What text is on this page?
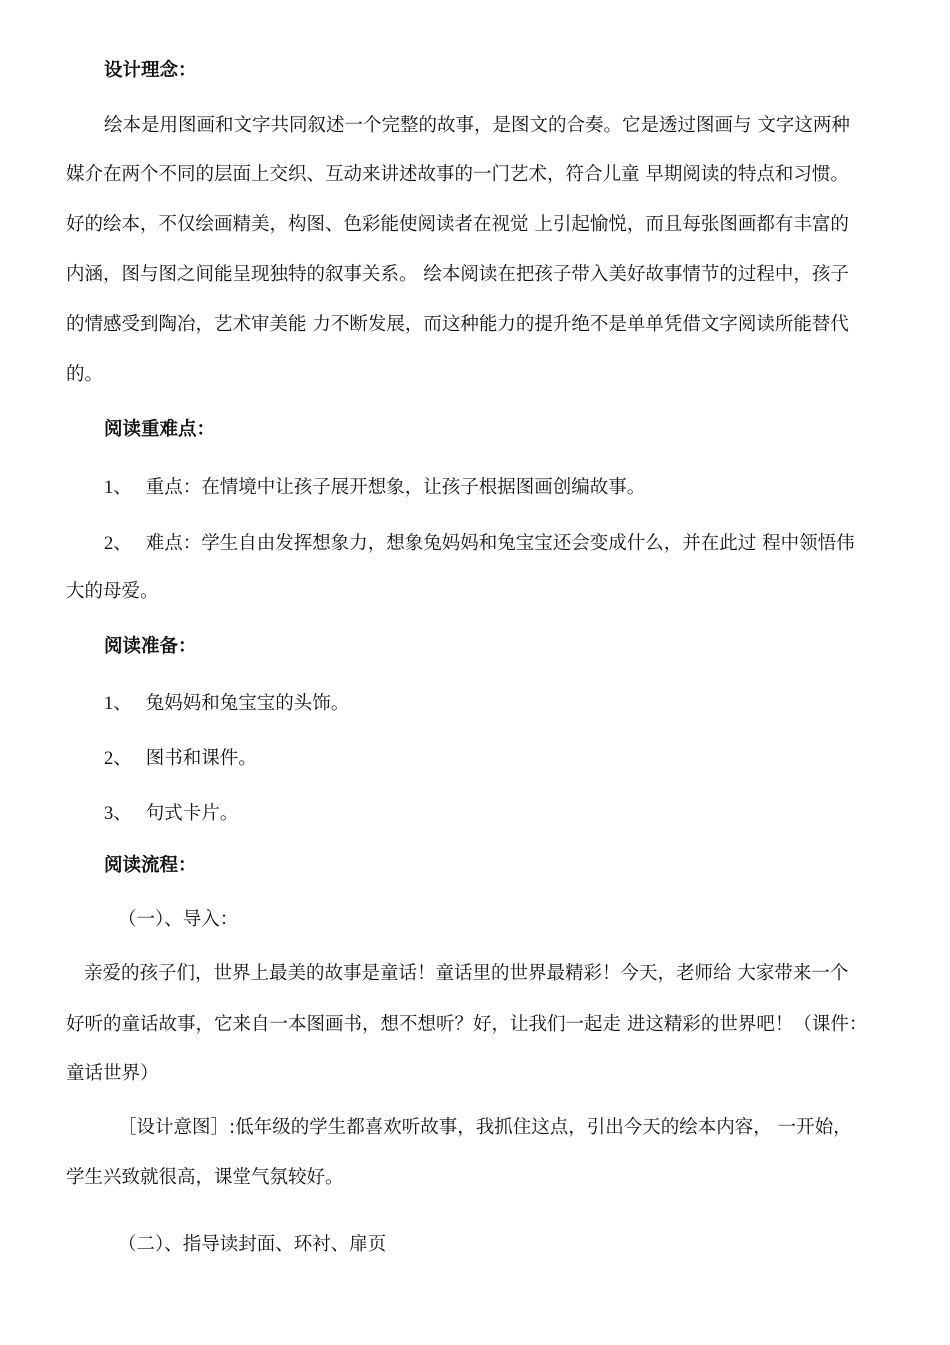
设计理念：
绘本是用图画和文字共同叙述一个完整的故事，是图文的合奏。它是透过图画与 文字这两种
媒介在两个不同的层面上交织、互动来讲述故事的一门艺术，符合儿童 早期阅读的特点和习惯。
好的绘本，不仅绘画精美，构图、色彩能使阅读者在视觉 上引起愉悦，而且每张图画都有丰富的
内涵，图与图之间能呈现独特的叙事关系。 绘本阅读在把孩子带入美好故事情节的过程中，孩子
的情感受到陶冶，艺术审美能 力不断发展，而这种能力的提升绝不是单单凭借文字阅读所能替代
的。
阅读重难点：
1、 重点：在情境中让孩子展开想象，让孩子根据图画创编故事。
2、 难点：学生自由发挥想象力，想象兔妈妈和兔宝宝还会变成什么，并在此过 程中领悟伟
大的母爱。
阅读准备：
1、 兔妈妈和兔宝宝的头饰。
2、 图书和课件。
3、 句式卡片。
阅读流程：
（一）、导入：
亲爱的孩子们，世界上最美的故事是童话！童话里的世界最精彩！今天，老师给 大家带来一个
好听的童话故事，它来自一本图画书，想不想听？好，让我们一起走 进这精彩的世界吧！（课件：
童话世界）
［设计意图］:低年级的学生都喜欢听故事，我抓住这点，引出今天的绘本内容， 一开始，
学生兴致就很高，课堂气氛较好。
（二）、指导读封面、环衬、扉页
